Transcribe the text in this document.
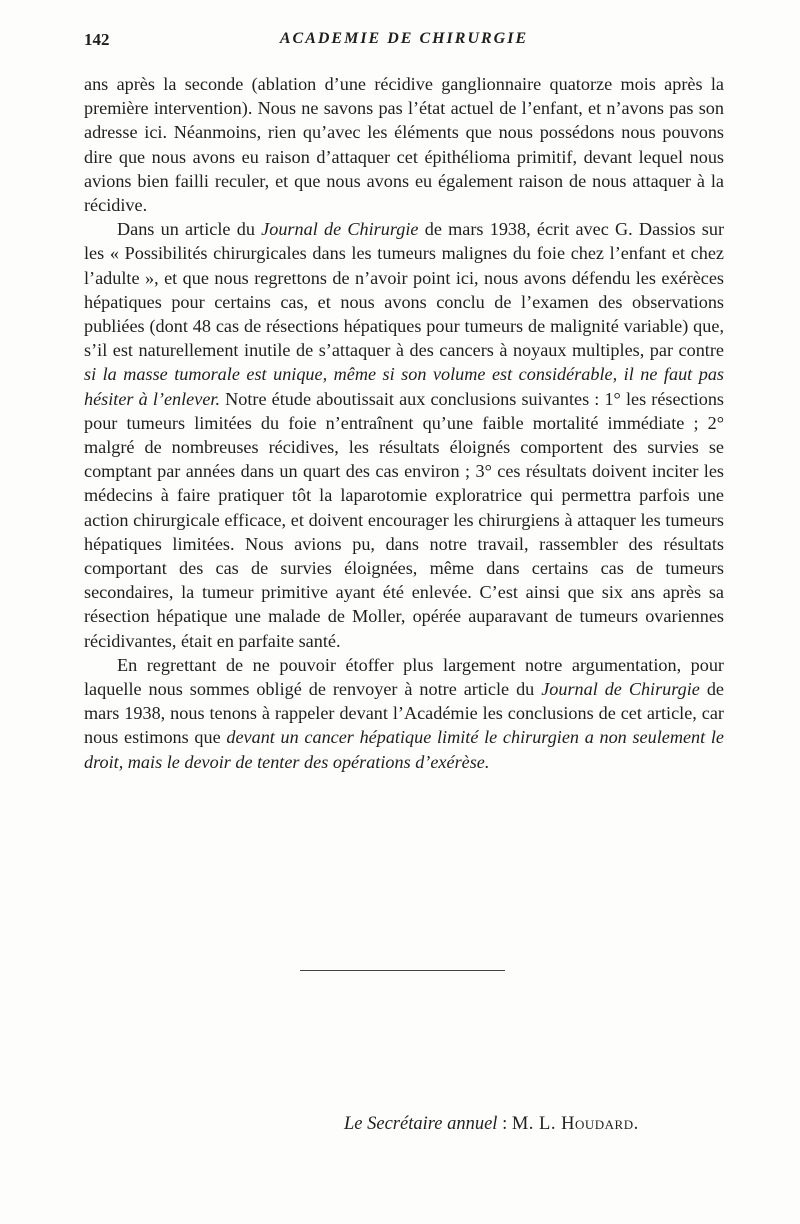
142	ACADEMIE DE CHIRURGIE

ans après la seconde (ablation d’une récidive ganglionnaire quatorze mois après la première intervention). Nous ne savons pas l’état actuel de l’enfant, et n’avons pas son adresse ici. Néanmoins, rien qu’avec les éléments que nous possédons nous pouvons dire que nous avons eu raison d’attaquer cet épithélioma primitif, devant lequel nous avions bien failli reculer, et que nous avons eu également raison de nous attaquer à la récidive.

Dans un article du Journal de Chirurgie de mars 1938, écrit avec G. Dassios sur les « Possibilités chirurgicales dans les tumeurs malignes du foie chez l’enfant et chez l’adulte », et que nous regrettons de n’avoir point ici, nous avons défendu les exérèces hépatiques pour certains cas, et nous avons conclu de l’examen des observations publiées (dont 48 cas de résections hépatiques pour tumeurs de malignité variable) que, s’il est naturellement inutile de s’attaquer à des cancers à noyaux multiples, par contre si la masse tumorale est unique, même si son volume est considérable, il ne faut pas hésiter à l’enlever. Notre étude aboutissait aux conclusions suivantes : 1° les résections pour tumeurs limitées du foie n’entraînent qu’une faible mortalité immédiate ; 2° malgré de nombreuses récidives, les résultats éloignés comportent des survies se comptant par années dans un quart des cas environ ; 3° ces résultats doivent inciter les médecins à faire pratiquer tôt la laparotomie exploratrice qui permettra parfois une action chirurgicale efficace, et doivent encourager les chirurgiens à attaquer les tumeurs hépatiques limitées. Nous avions pu, dans notre travail, rassembler des résultats comportant des cas de survies éloignées, même dans certains cas de tumeurs secondaires, la tumeur primitive ayant été enlevée. C’est ainsi que six ans après sa résection hépatique une malade de Moller, opérée auparavant de tumeurs ovariennes récidivantes, était en parfaite santé.

En regrettant de ne pouvoir étoffer plus largement notre argumentation, pour laquelle nous sommes obligé de renvoyer à notre article du Journal de Chirurgie de mars 1938, nous tenons à rappeler devant l’Académie les conclusions de cet article, car nous estimons que devant un cancer hépatique limité le chirurgien a non seulement le droit, mais le devoir de tenter des opérations d’exérèse.

Le Secrétaire annuel : M. L. Houdard.
